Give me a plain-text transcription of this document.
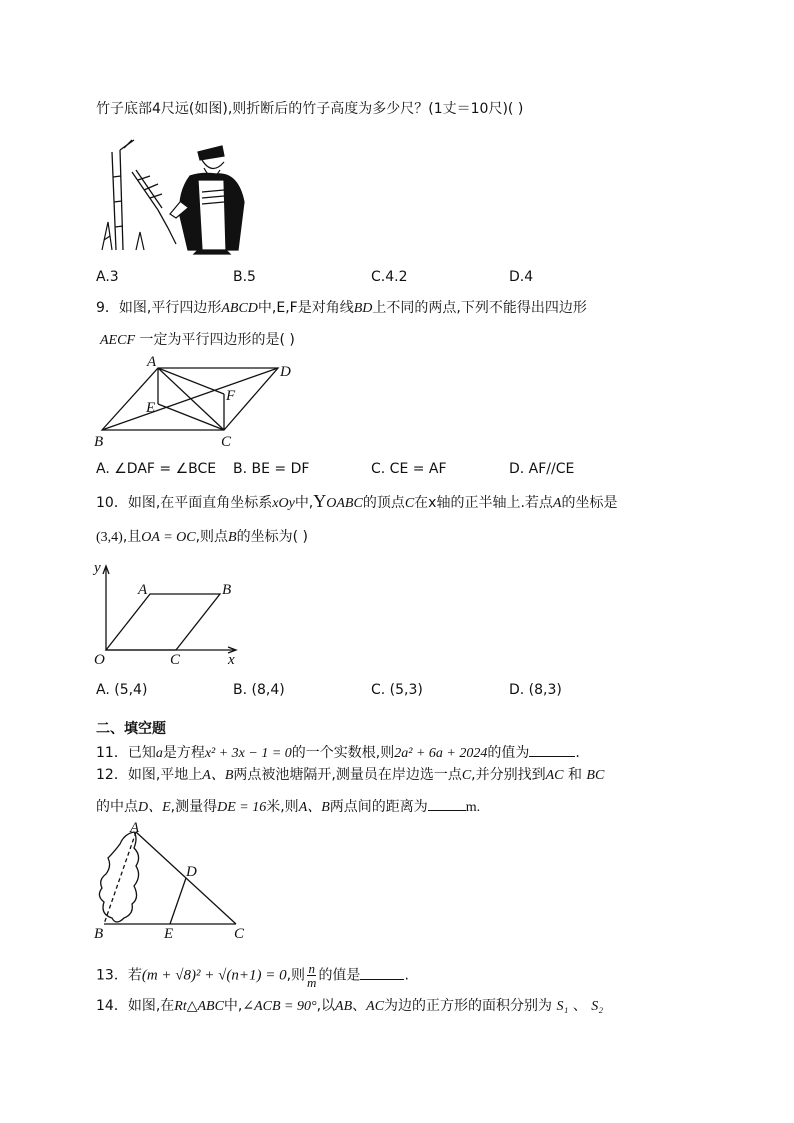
竹子底部4尺远(如图),则折断后的竹子高度为多少尺？(1丈＝10尺)( )
A.3	B.5	C.4.2	D.4
9．如图,平行四边形ABCD中,E,F是对角线BD上不同的两点,下列不能得出四边形
AECF 一定为平行四边形的是( )
A
D
B	C
E
F
A. ∠DAF = ∠BCE B. BE = DF	C. CE = AF	D. AF//CE
10．如图,在平面直角坐标系xOy中,YOABC的顶点C在x轴的正半轴上.若点A的坐标是
(3,4),且OA = OC,则点B的坐标为( )
y
x
O
A	B
C
A. (5,4)	B. (8,4)	C. (5,3)	D. (8,3)
二、填空题
11．已知a是方程x² + 3x − 1 = 0的一个实数根,则2a² + 6a + 2024的值为	.
12．如图,平地上A、B两点被池塘隔开,测量员在岸边选一点C,并分别找到AC 和 BC
的中点D、E,测量得DE = 16米,则A、B两点间的距离为	m.
A
B	C
D
E
13．若(m + √8)² + √(n+1) = 0,则 $\frac{n}{m}$ 的值是	.
14．如图,在Rt△ABC中,∠ACB = 90°,以AB、AC为边的正方形的面积分别为 S₁ 、 S₂
